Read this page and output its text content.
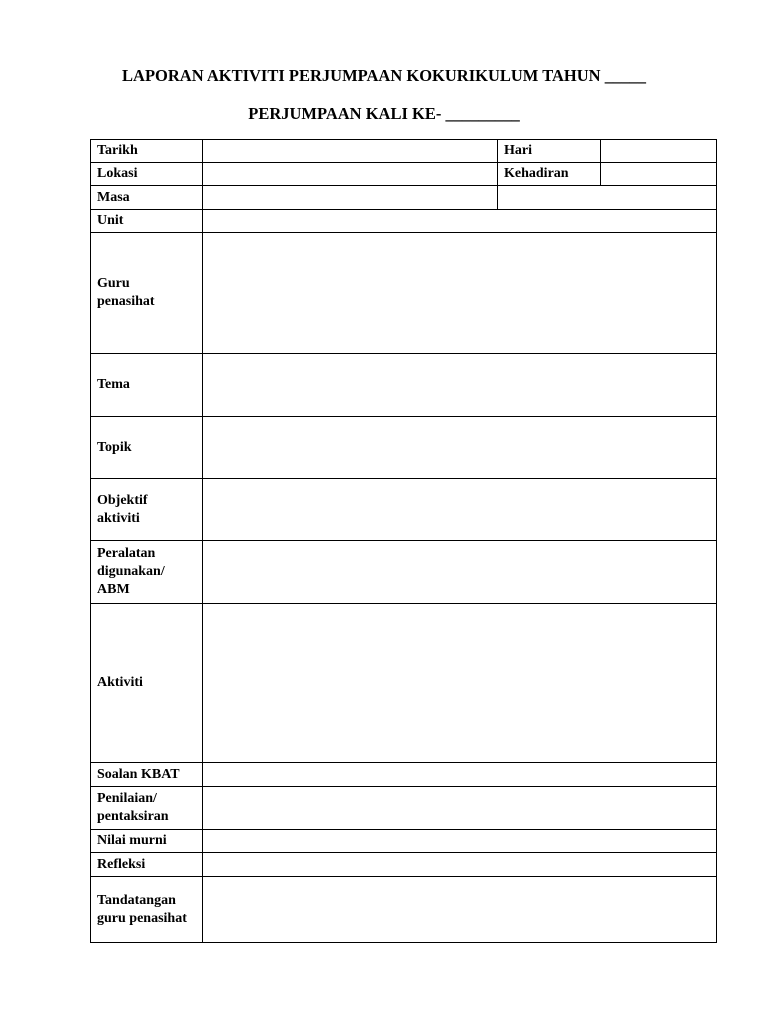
LAPORAN AKTIVITI PERJUMPAAN KOKURIKULUM TAHUN _____
PERJUMPAAN KALI KE- _________
Tarikh		Hari	
Lokasi		Kehadiran	
Masa			
Unit			
Guru
penasihat			
Tema			
Topik			
Objektif
aktiviti			
Peralatan
digunakan/
ABM			
Aktiviti			
Soalan KBAT			
Penilaian/
pentaksiran			
Nilai murni			
Refleksi			
Tandatangan
guru penasihat			
